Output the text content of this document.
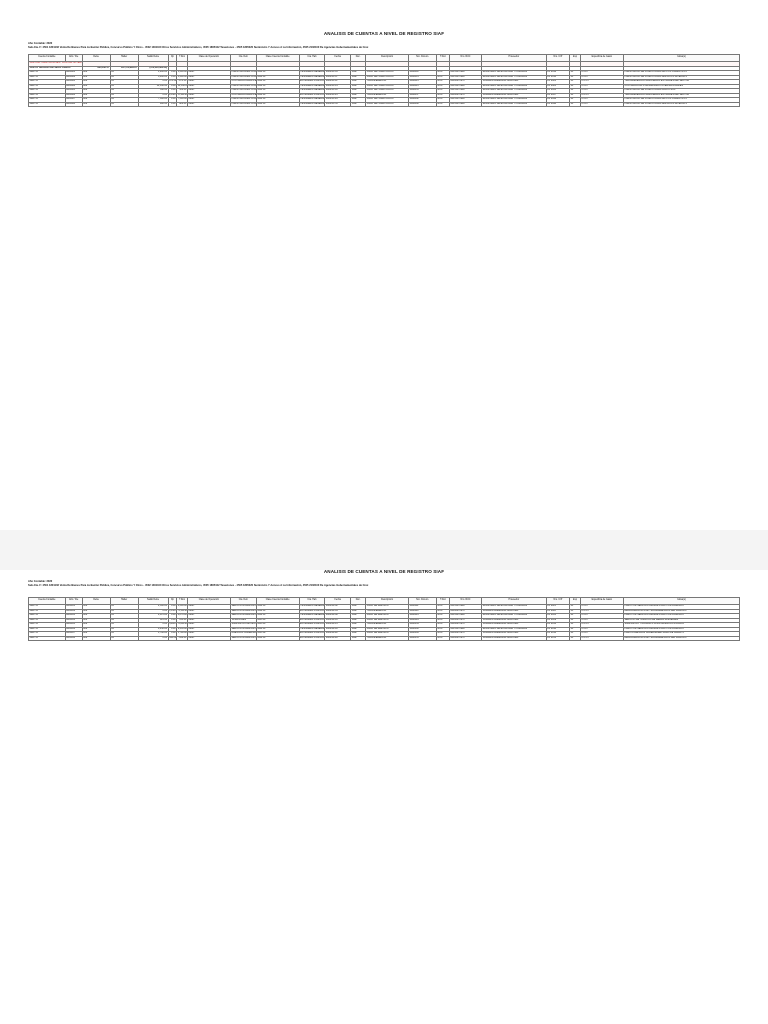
ANALISIS DE CUENTAS A NIVEL DE REGISTRO SIAF
Año Contable: 2022
Sub-Cta. F: 4501 1801102 Venta De Bienes Para Licitación Pública, Concurso Público Y Otros - 4502 1301100 Otros Servicios Administrativos, 4505 1805102 Tasaciones - 4505 1805220 Suministro Y Acceso A La Información, 4505 2102100 De Agencias Gubernamentales de Crec
Cuenta Contable	Año / Fte	Debe	Haber	Saldo Debe	Op	T.Doc	Clase de Operación	Cta. Deb	Clase Cuenta Contable	Cta. Hab	Fecha	Doc.	Descripción	Nro. Docum.	T.Doc	Nro. RUC	Proveedor	Nro. C/P	Exp	Especifica de Gasto	Glosa(s)
4502 2301 HABILITACIONES / CONTRIB. EXTERNAS																					
4502.01 Tesoreros Del Sector Público		880,108.17	197,576,693.67	(150,000,080.36)																	
2022 15	0000001	008	04	1,200.00	0.00	1,200.00	CERT	HABILITACIONES CON	4502.01	TESORERÍA GENERAL	2022-01-05	SIAF	PAGO DE HABILITACIÓN	0000012	RUC	20131370998	MINISTERIO DE ECONOMÍA Y FINANZAS	CP 0012	01	2.3.2.7	HABILITACIÓN DE FONDOS PARA GASTOS OPERATIVOS
2022 15	0000002	008	04	3,480.00	0.00	3,480.00	CERT	HABILITACIONES CON	4502.01	TESORERÍA GENERAL	2022-01-07	SIAF	PAGO DE HABILITACIÓN	0000014	RUC	20131370998	MINISTERIO DE ECONOMÍA Y FINANZAS	CP 0014	01	2.3.2.7	HABILITACIÓN DE FONDOS PARA SERVICIOS DIVERSOS
2022 15	0000003	008	04	0.00	875.50	-875.50	CERT	CONTRIBUCIONES A	4502.01	ENTIDADES PÚBLICAS	2022-01-11	SIAF	TRANSFERENCIA	0000021	RUC	20100070970	SUPERINTENDENCIA NACIONAL	CP 0021	01	2.4.1.3	TRANSFERENCIA FINANCIERA A ENTIDADES DEL SECTOR
2022 15	0000004	008	04	12,650.00	0.00	12,650.00	CERT	HABILITACIONES CON	4502.01	TESORERÍA GENERAL	2022-01-14	SIAF	PAGO DE HABILITACIÓN	0000025	RUC	20131370998	MINISTERIO DE ECONOMÍA Y FINANZAS	CP 0025	01	2.3.2.7	CONTRIBUCIÓN A ORGANISMOS INTERNACIONALES
2022 15	0000005	008	04	560.00	0.00	560.00	CERT	HABILITACIONES CON	4502.01	TESORERÍA GENERAL	2022-01-18	SIAF	PAGO DE HABILITACIÓN	0000031	RUC	20131370998	MINISTERIO DE ECONOMÍA Y FINANZAS	CP 0031	01	2.3.2.7	HABILITACIÓN DE FONDOS PARA CAJA CHICA
2022 15	0000006	008	04	0.00	2,140.	-2,140.00	CERT	CONTRIBUCIONES A	4502.01	ENTIDADES PÚBLICAS	2022-01-21	SIAF	TRANSFERENCIA	0000037	RUC	20100070970	SUPERINTENDENCIA NACIONAL	CP 0037	01	2.4.1.3	TRANSFERENCIA FINANCIERA A ENTIDADES DEL SECTOR
2022 15	0000007	008	04	7,300.00	0.00	7,300.00	CERT	HABILITACIONES CON	4502.01	TESORERÍA GENERAL	2022-01-26	SIAF	PAGO DE HABILITACIÓN	0000042	RUC	20131370998	MINISTERIO DE ECONOMÍA Y FINANZAS	CP 0042	01	2.3.2.7	HABILITACIÓN DE FONDOS PARA GASTOS OPERATIVOS
2022 15	0000008	008	04	980.00	0.00	980.00	CERT	HABILITACIONES CON	4502.01	TESORERÍA GENERAL	2022-01-31	SIAF	PAGO DE HABILITACIÓN	0000048	RUC	20131370998	MINISTERIO DE ECONOMÍA Y FINANZAS	CP 0048	01	2.3.2.7	HABILITACIÓN DE FONDOS PARA SERVICIOS DIVERSOS
ANALISIS DE CUENTAS A NIVEL DE REGISTRO SIAF
Año Contable: 2022
Sub-Cta. F: 4501 1801102 Venta De Bienes Para Licitación Pública, Concurso Público Y Otros - 4502 1301100 Otros Servicios Administrativos, 4505 1805102 Tasaciones - 4505 1805220 Suministro Y Acceso A La Información, 4505 2102100 De Agencias Gubernamentales de Crec
Cuenta Contable	Año / Fte	Debe	Haber	Saldo Debe	Op	T.Doc	Clase de Operación	Cta. Deb	Clase Cuenta Contable	Cta. Hab	Fecha	Doc.	Descripción	Nro. Docum.	T.Doc	Nro. RUC	Proveedor	Nro. C/P	Exp	Especifica de Gasto	Glosa(s)
2022 15	0000101	008	04	2,300.00	0.00	2,300.00	CERT	SERVICIOS ADMINIST	4502.01	TESORERÍA GENERAL	2022-02-02	SIAF	PAGO DE SERVICIO	0000112	RUC	20131370998	MINISTERIO DE ECONOMÍA Y FINANZAS	CP 0112	01	2.3.2.7	PAGO POR SERVICIOS ADMINISTRATIVOS DIVERSOS
2022 15	0000102	008	04	0.00	1,150.	-1,150.00	CERT	SERVICIOS ADMINIST	4502.01	ENTIDADES PÚBLICAS	2022-02-04	SIAF	TRANSFERENCIA	0000118	RUC	20100070970	SUPERINTENDENCIA NACIONAL	CP 0118	01	2.4.1.3	REGULARIZACIÓN DE TRANSFERENCIAS DEL PERIODO
2022 15	0000103	008	04	4,870.00	0.00	4,870.00	CERT	SERVICIOS ADMINIST	4502.01	TESORERÍA GENERAL	2022-02-08	SIAF	PAGO DE SERVICIO	0000123	RUC	20131370998	MINISTERIO DE ECONOMÍA Y FINANZAS	CP 0123	01	2.3.2.7	PAGO POR SERVICIOS ADMINISTRATIVOS DIVERSOS
2022 15	0000104	008	04	615.00	0.00	615.00	CERT	TASACIONES	4505.01	ENTIDADES PÚBLICAS	2022-02-10	SIAF	PAGO DE SERVICIO	0000129	RUC	20100070970	SUPERINTENDENCIA NACIONAL	CP 0129	01	2.3.2.7	SERVICIO DE TASACIÓN DE BIENES INMUEBLES
2022 15	0000105	008	04	0.00	3,200.	-3,200.00	CERT	SUMINISTRO DE INFO	4505.01	ENTIDADES PÚBLICAS	2022-02-15	SIAF	TRANSFERENCIA	0000134	RUC	20100070970	SUPERINTENDENCIA NACIONAL	CP 0134	01	2.4.1.3	SUMINISTRO Y ACCESO A LA INFORMACIÓN PÚBLICA
2022 15	0000106	008	04	9,450.00	0.00	9,450.00	CERT	SERVICIOS ADMINIST	4502.01	TESORERÍA GENERAL	2022-02-18	SIAF	PAGO DE SERVICIO	0000140	RUC	20131370998	MINISTERIO DE ECONOMÍA Y FINANZAS	CP 0140	01	2.3.2.7	PAGO POR SERVICIOS ADMINISTRATIVOS DIVERSOS
2022 15	0000107	008	04	1,780.00	0.00	1,780.00	CERT	AGENCIAS GUBERNA	4505.02	ENTIDADES PÚBLICAS	2022-02-22	SIAF	PAGO DE SERVICIO	0000146	RUC	20100070970	SUPERINTENDENCIA NACIONAL	CP 0146	01	2.3.2.7	PAGO A AGENCIAS GUBERNAMENTALES DE CRÉDITO
2022 15	0000108	008	04	0.00	640.00	-640.00	CERT	SERVICIOS ADMINIST	4502.01	ENTIDADES PÚBLICAS	2022-02-28	SIAF	TRANSFERENCIA	0000151	RUC	20100070970	SUPERINTENDENCIA NACIONAL	CP 0151	01	2.4.1.3	REGULARIZACIÓN DE TRANSFERENCIAS DEL PERIODO
